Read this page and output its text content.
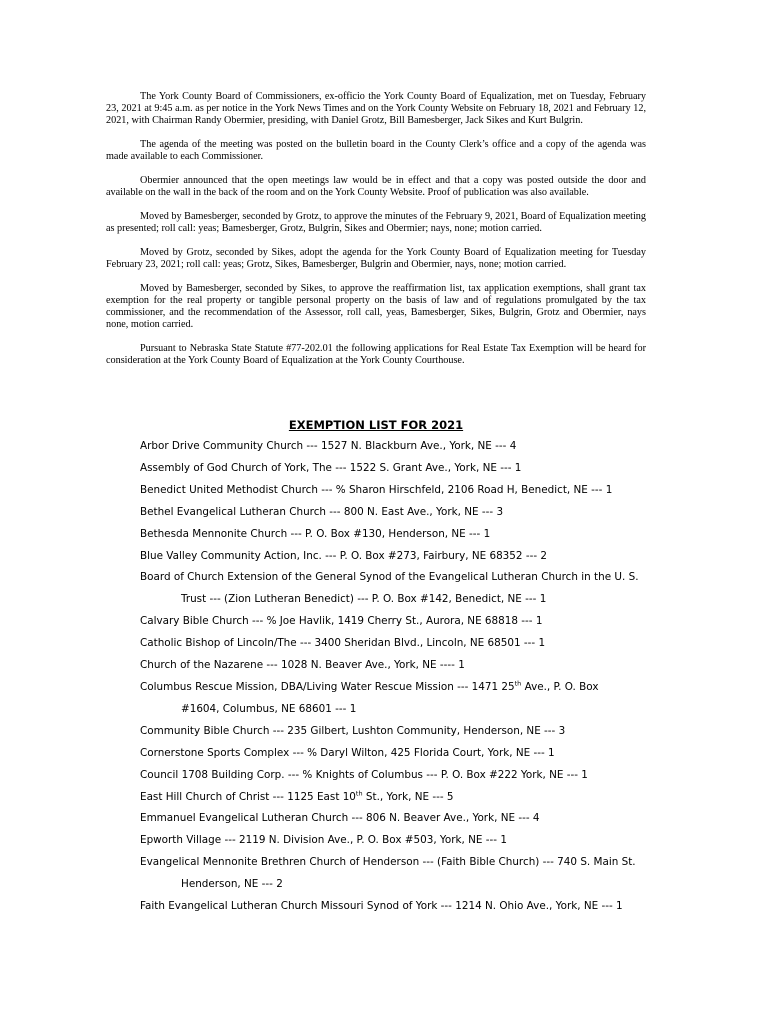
The York County Board of Commissioners, ex-officio the York County Board of Equalization, met on Tuesday, February 23, 2021 at 9:45 a.m. as per notice in the York News Times and on the York County Website on February 18, 2021 and February 12, 2021, with Chairman Randy Obermier, presiding, with Daniel Grotz, Bill Bamesberger, Jack Sikes and Kurt Bulgrin.

The agenda of the meeting was posted on the bulletin board in the County Clerk’s office and a copy of the agenda was made available to each Commissioner.

Obermier announced that the open meetings law would be in effect and that a copy was posted outside the door and available on the wall in the back of the room and on the York County Website. Proof of publication was also available.

Moved by Bamesberger, seconded by Grotz, to approve the minutes of the February 9, 2021, Board of Equalization meeting as presented; roll call: yeas; Bamesberger, Grotz, Bulgrin, Sikes and Obermier; nays, none; motion carried.

Moved by Grotz, seconded by Sikes, adopt the agenda for the York County Board of Equalization meeting for Tuesday February 23, 2021; roll call: yeas; Grotz, Sikes, Bamesberger, Bulgrin and Obermier, nays, none; motion carried.

Moved by Bamesberger, seconded by Sikes, to approve the reaffirmation list, tax application exemptions, shall grant tax exemption for the real property or tangible personal property on the basis of law and of regulations promulgated by the tax commissioner, and the recommendation of the Assessor, roll call, yeas, Bamesberger, Sikes, Bulgrin, Grotz and Obermier, nays none, motion carried.

Pursuant to Nebraska State Statute #77-202.01 the following applications for Real Estate Tax Exemption will be heard for consideration at the York County Board of Equalization at the York County Courthouse.

EXEMPTION LIST FOR 2021
Arbor Drive Community Church --- 1527 N. Blackburn Ave., York, NE --- 4
Assembly of God Church of York, The --- 1522 S. Grant Ave., York, NE --- 1
Benedict United Methodist Church --- % Sharon Hirschfeld, 2106 Road H, Benedict, NE --- 1
Bethel Evangelical Lutheran Church --- 800 N. East Ave., York, NE --- 3
Bethesda Mennonite Church --- P. O. Box #130, Henderson, NE --- 1
Blue Valley Community Action, Inc. --- P. O. Box #273, Fairbury, NE 68352 --- 2
Board of Church Extension of the General Synod of the Evangelical Lutheran Church in the U. S.
Trust --- (Zion Lutheran Benedict) --- P. O. Box #142, Benedict, NE --- 1
Calvary Bible Church --- % Joe Havlik, 1419 Cherry St., Aurora, NE 68818 --- 1
Catholic Bishop of Lincoln/The --- 3400 Sheridan Blvd., Lincoln, NE 68501 --- 1
Church of the Nazarene --- 1028 N. Beaver Ave., York, NE ---- 1
Columbus Rescue Mission, DBA/Living Water Rescue Mission --- 1471 25th Ave., P. O. Box
#1604, Columbus, NE 68601 --- 1
Community Bible Church --- 235 Gilbert, Lushton Community, Henderson, NE --- 3
Cornerstone Sports Complex --- % Daryl Wilton, 425 Florida Court, York, NE --- 1
Council 1708 Building Corp. --- % Knights of Columbus --- P. O. Box #222 York, NE --- 1
East Hill Church of Christ --- 1125 East 10th St., York, NE --- 5
Emmanuel Evangelical Lutheran Church --- 806 N. Beaver Ave., York, NE --- 4
Epworth Village --- 2119 N. Division Ave., P. O. Box #503, York, NE --- 1
Evangelical Mennonite Brethren Church of Henderson --- (Faith Bible Church) --- 740 S. Main St.
Henderson, NE --- 2
Faith Evangelical Lutheran Church Missouri Synod of York --- 1214 N. Ohio Ave., York, NE --- 1
